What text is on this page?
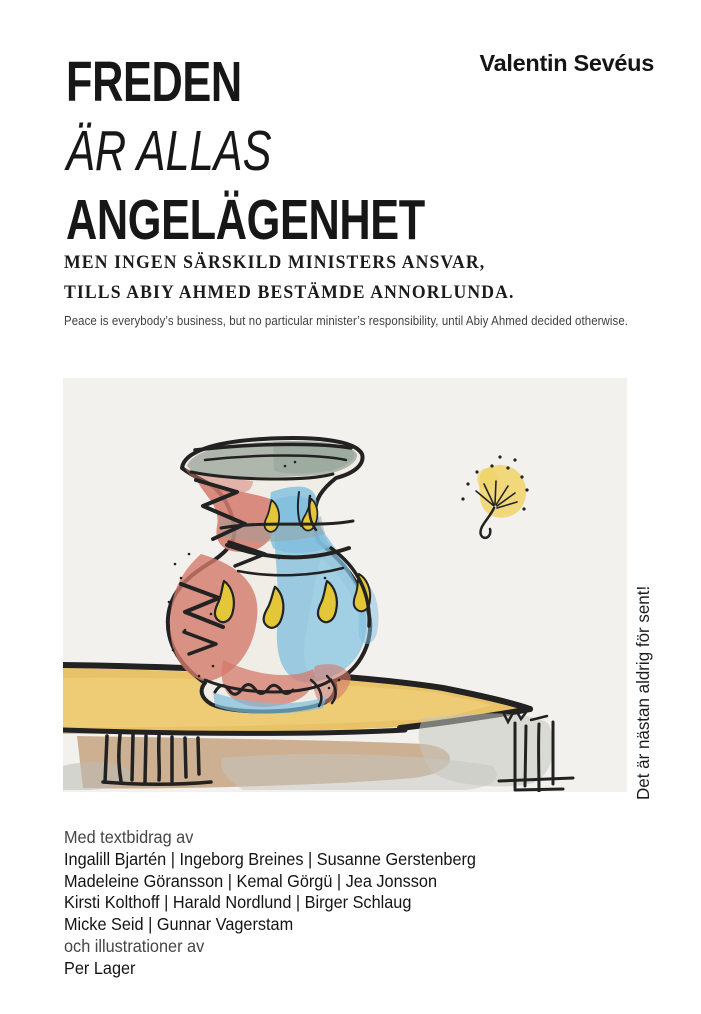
Valentin Sevéus
FREDEN
ÄR ALLAS
ANGELÄGENHET
MEN INGEN SÄRSKILD MINISTERS ANSVAR,
TILLS ABIY AHMED BESTÄMDE ANNORLUNDA.
Peace is everybody’s business, but no particular minister’s responsibility, until Abiy Ahmed decided otherwise.
Det är nästan aldrig för sent!
Med textbidrag av
Ingalill Bjartén | Ingeborg Breines | Susanne Gerstenberg
Madeleine Göransson | Kemal Görgü | Jea Jonsson
Kirsti Kolthoff | Harald Nordlund | Birger Schlaug
Micke Seid | Gunnar Vagerstam
och illustrationer av
Per Lager
